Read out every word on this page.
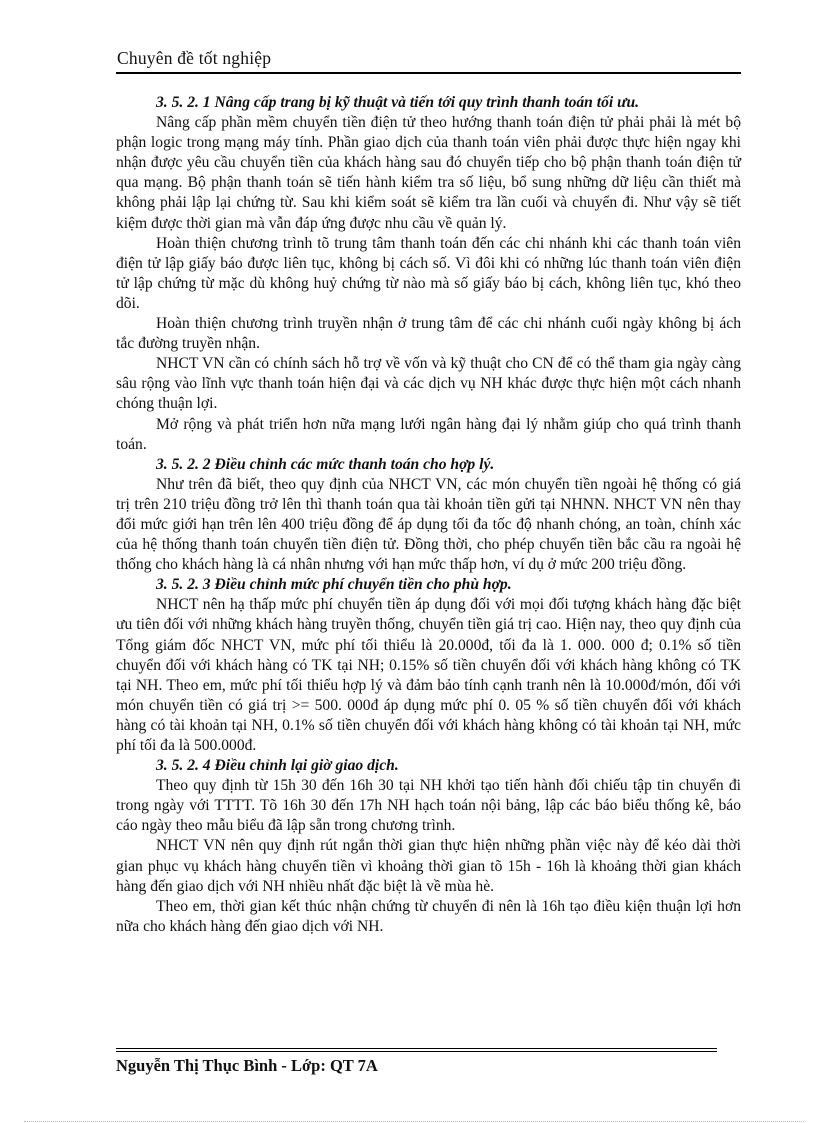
Chuyên đề tốt nghiệp
3. 5. 2. 1 Nâng cấp trang bị kỹ thuật và tiến tới quy trình thanh toán tối ưu.

Nâng cấp phần mềm chuyển tiền điện tử theo hướng thanh toán điện tử phải phải là mét bộ phận logic trong mạng máy tính. Phần giao dịch của thanh toán viên phải được thực hiện ngay khi nhận được yêu cầu chuyển tiền của khách hàng sau đó chuyển tiếp cho bộ phận thanh toán điện tử qua mạng. Bộ phận thanh toán sẽ tiến hành kiểm tra số liệu, bổ sung những dữ liệu cần thiết mà không phải lập lại chứng từ. Sau khi kiểm soát sẽ kiểm tra lần cuối và chuyển đi. Như vậy sẽ tiết kiệm được thời gian mà vẫn đáp ứng được nhu cầu về quản lý.

Hoàn thiện chương trình tõ trung tâm thanh toán đến các chi nhánh khi các thanh toán viên điện tử lập giấy báo được liên tục, không bị cách số. Vì đôi khi có những lúc thanh toán viên điện tử lập chứng từ mặc dù không huỷ chứng từ nào mà số giấy báo bị cách, không liên tục, khó theo dõi.

Hoàn thiện chương trình truyền nhận ở trung tâm để các chi nhánh cuối ngày không bị ách tắc đường truyền nhận.

NHCT VN cần có chính sách hỗ trợ về vốn và kỹ thuật cho CN để có thể tham gia ngày càng sâu rộng vào lĩnh vực thanh toán hiện đại và các dịch vụ NH khác được thực hiện một cách nhanh chóng thuận lợi.

Mở rộng và phát triển hơn nữa mạng lưới ngân hàng đại lý nhằm giúp cho quá trình thanh toán.

3. 5. 2. 2 Điều chỉnh các mức thanh toán cho hợp lý.

Như trên đã biết, theo quy định của NHCT VN, các món chuyển tiền ngoài hệ thống có giá trị trên 210 triệu đồng trở lên thì thanh toán qua tài khoản tiền gửi tại NHNN. NHCT VN nên thay đổi mức giới hạn trên lên 400 triệu đồng để áp dụng tối đa tốc độ nhanh chóng, an toàn, chính xác của hệ thống thanh toán chuyển tiền điện tử. Đồng thời, cho phép chuyển tiền bắc cầu ra ngoài hệ thống cho khách hàng là cá nhân nhưng với hạn mức thấp hơn, ví dụ ở mức 200 triệu đồng.

3. 5. 2. 3 Điều chỉnh mức phí chuyển tiền cho phù hợp.

NHCT nên hạ thấp mức phí chuyển tiền áp dụng đối với mọi đối tượng khách hàng đặc biệt ưu tiên đối với những khách hàng truyền thống, chuyển tiền giá trị cao. Hiện nay, theo quy định của Tổng giám đốc NHCT VN, mức phí tối thiểu là 20.000đ, tối đa là 1. 000. 000 đ; 0.1% số tiền chuyển đối với khách hàng có TK tại NH; 0.15% số tiền chuyển đối với khách hàng không có TK tại NH. Theo em, mức phí tối thiểu hợp lý và đảm bảo tính cạnh tranh nên là 10.000đ/món, đối với món chuyển tiền có giá trị >= 500. 000đ áp dụng mức phí 0. 05 % số tiền chuyển đối với khách hàng có tài khoản tại NH, 0.1% số tiền chuyển đối với khách hàng không có tài khoản tại NH, mức phí tối đa là 500.000đ.

3. 5. 2. 4 Điều chỉnh lại giờ giao dịch.

Theo quy định từ 15h 30 đến 16h 30 tại NH khởi tạo tiến hành đối chiếu tập tin chuyển đi trong ngày với TTTT. Tõ 16h 30 đến 17h NH hạch toán nội bảng, lập các báo biểu thống kê, báo cáo ngày theo mẫu biểu đã lập sẵn trong chương trình.

NHCT VN nên quy định rút ngắn thời gian thực hiện những phần việc này để kéo dài thời gian phục vụ khách hàng chuyển tiền vì khoảng thời gian tõ 15h - 16h là khoảng thời gian khách hàng đến giao dịch với NH nhiều nhất đặc biệt là về mùa hè.

Theo em, thời gian kết thúc nhận chứng từ chuyển đi nên là 16h tạo điều kiện thuận lợi hơn nữa cho khách hàng đến giao dịch với NH.

Nguyễn Thị Thục Bình - Lớp: QT 7A
